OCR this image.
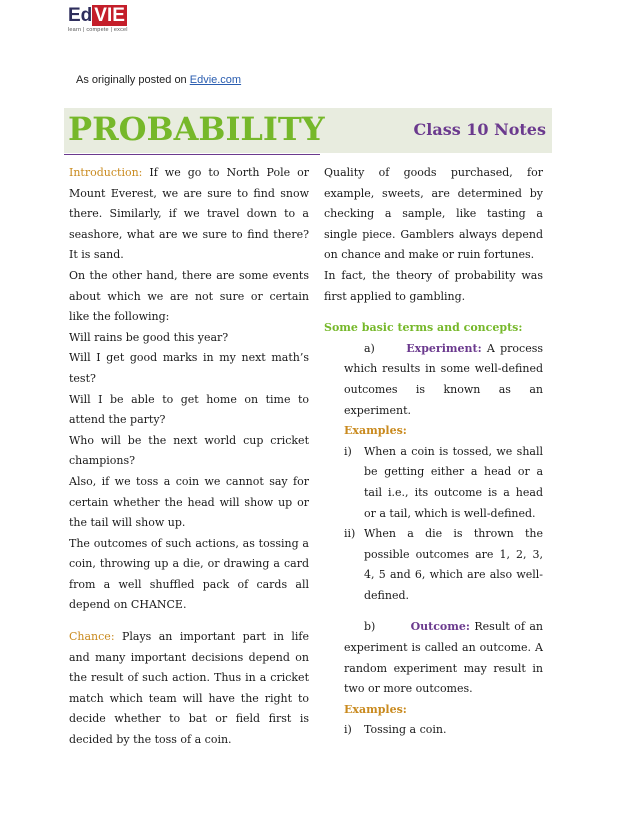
Ed VIE
learn | compete | excel
As originally posted on Edvie.com
PROBABILITY	Class 10 Notes

Introduction: If we go to North Pole or Mount Everest, we are sure to find snow there. Similarly, if we travel down to a seashore, what are we sure to find there? It is sand.

On the other hand, there are some events about which we are not sure or certain like the following:

Will rains be good this year?

Will I get good marks in my next math’s test?

Will I be able to get home on time to attend the party?

Who will be the next world cup cricket champions?

Also, if we toss a coin we cannot say for certain whether the head will show up or the tail will show up.

The outcomes of such actions, as tossing a coin, throwing up a die, or drawing a card from a well shuffled pack of cards all depend on CHANCE.

Chance: Plays an important part in life and many important decisions depend on the result of such action. Thus in a cricket match which team will have the right to decide whether to bat or field first is decided by the toss of a coin.

Quality of goods purchased, for example, sweets, are determined by checking a sample, like tasting a single piece. Gamblers always depend on chance and make or ruin fortunes.

In fact, the theory of probability was first applied to gambling.

Some basic terms and concepts:

a)	Experiment: A process which results in some well-defined outcomes is known as an experiment.

Examples:

i)	When a coin is tossed, we shall be getting either a head or a tail i.e., its outcome is a head or a tail, which is well-defined.
ii) When a die is thrown the possible outcomes are 1, 2, 3, 4, 5 and 6, which are also well-defined.

b)	Outcome: Result of an experiment is called an outcome. A random experiment may result in two or more outcomes.

Examples:

i)	Tossing a coin.
